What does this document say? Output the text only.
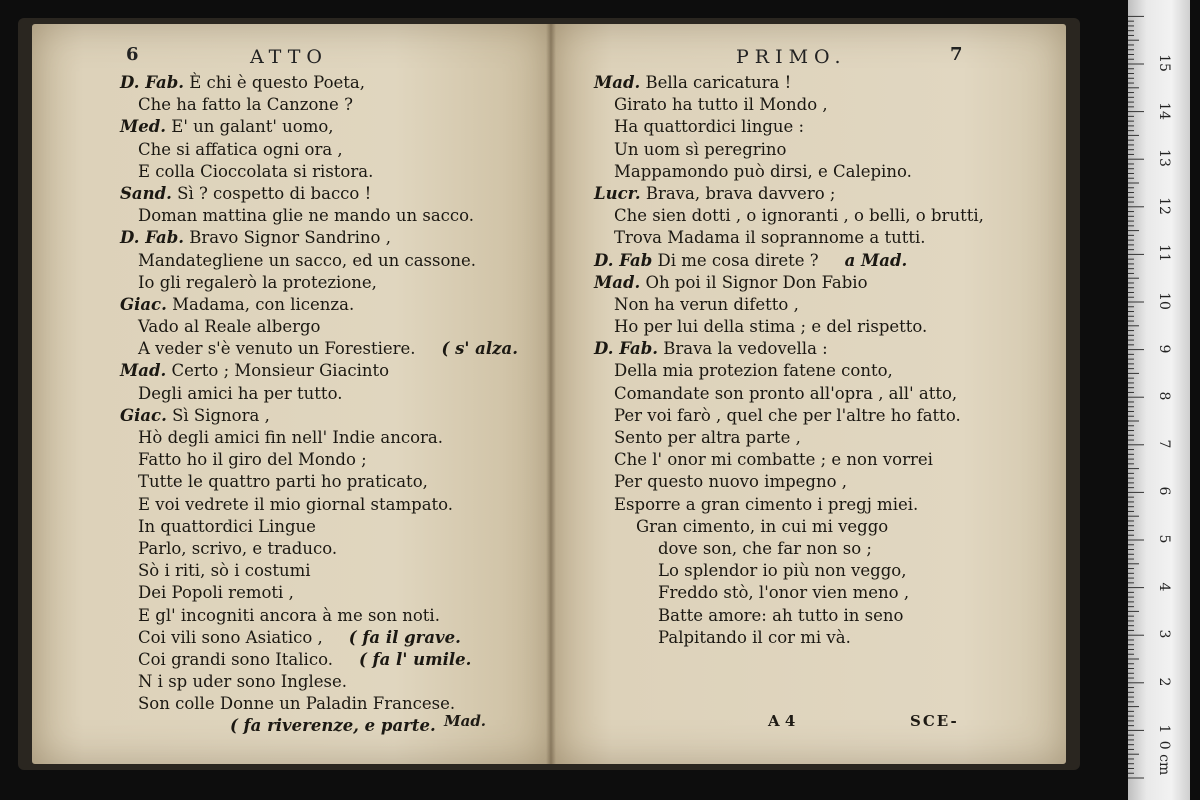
6	ATTO
D. Fab. È chi è questo Poeta,
Che ha fatto la Canzone ?
Med. E' un galant' uomo,
Che si affatica ogni ora ,
E colla Cioccolata si ristora.
Sand. Sì ? cospetto di bacco !
Doman mattina glie ne mando un sacco.
D. Fab. Bravo Signor Sandrino ,
Mandategliene un sacco, ed un cassone.
Io gli regalerò la protezione,
Giac. Madama, con licenza.
Vado al Reale albergo
A veder s'è venuto un Forestiere. ( s' alza.
Mad. Certo ; Monsieur Giacinto
Degli amici ha per tutto.
Giac. Sì Signora ,
Hò degli amici fin nell' Indie ancora.
Fatto ho il giro del Mondo ;
Tutte le quattro parti ho praticato,
E voi vedrete il mio giornal stampato.
In quattordici Lingue
Parlo, scrivo, e traduco.
Sò i riti, sò i costumi
Dei Popoli remoti ,
E gl' incogniti ancora à me son noti.
Coi vili sono Asiatico , ( fa il grave.
Coi grandi sono Italico. ( fa l' umile.
N i sp uder sono Inglese.
Son colle Donne un Paladin Francese.
( fa riverenze, e parte. Mad.
PRIMO.	7
Mad. Bella caricatura !
Girato ha tutto il Mondo ,
Ha quattordici lingue :
Un uom sì peregrino
Mappamondo può dirsi, e Calepino.
Lucr. Brava, brava davvero ;
Che sien dotti , o ignoranti , o belli, o brutti,
Trova Madama il soprannome a tutti.
D. Fab Di me cosa direte ? a Mad.
Mad. Oh poi il Signor Don Fabio
Non ha verun difetto ,
Ho per lui della stima ; e del rispetto.
D. Fab. Brava la vedovella :
Della mia protezion fatene conto,
Comandate son pronto all'opra , all' atto,
Per voi farò , quel che per l'altre ho fatto.
Sento per altra parte ,
Che l' onor mi combatte ; e non vorrei
Per questo nuovo impegno ,
Esporre a gran cimento i pregj miei.
Gran cimento, in cui mi veggo
dove son, che far non so ;
Lo splendor io più non veggo,
Freddo stò, l'onor vien meno ,
Batte amore: ah tutto in seno
Palpitando il cor mi và.
A 4	SCE-
0 cm
1
2
3
4
5
6
7
8
9
10
11
12
13
14
15
